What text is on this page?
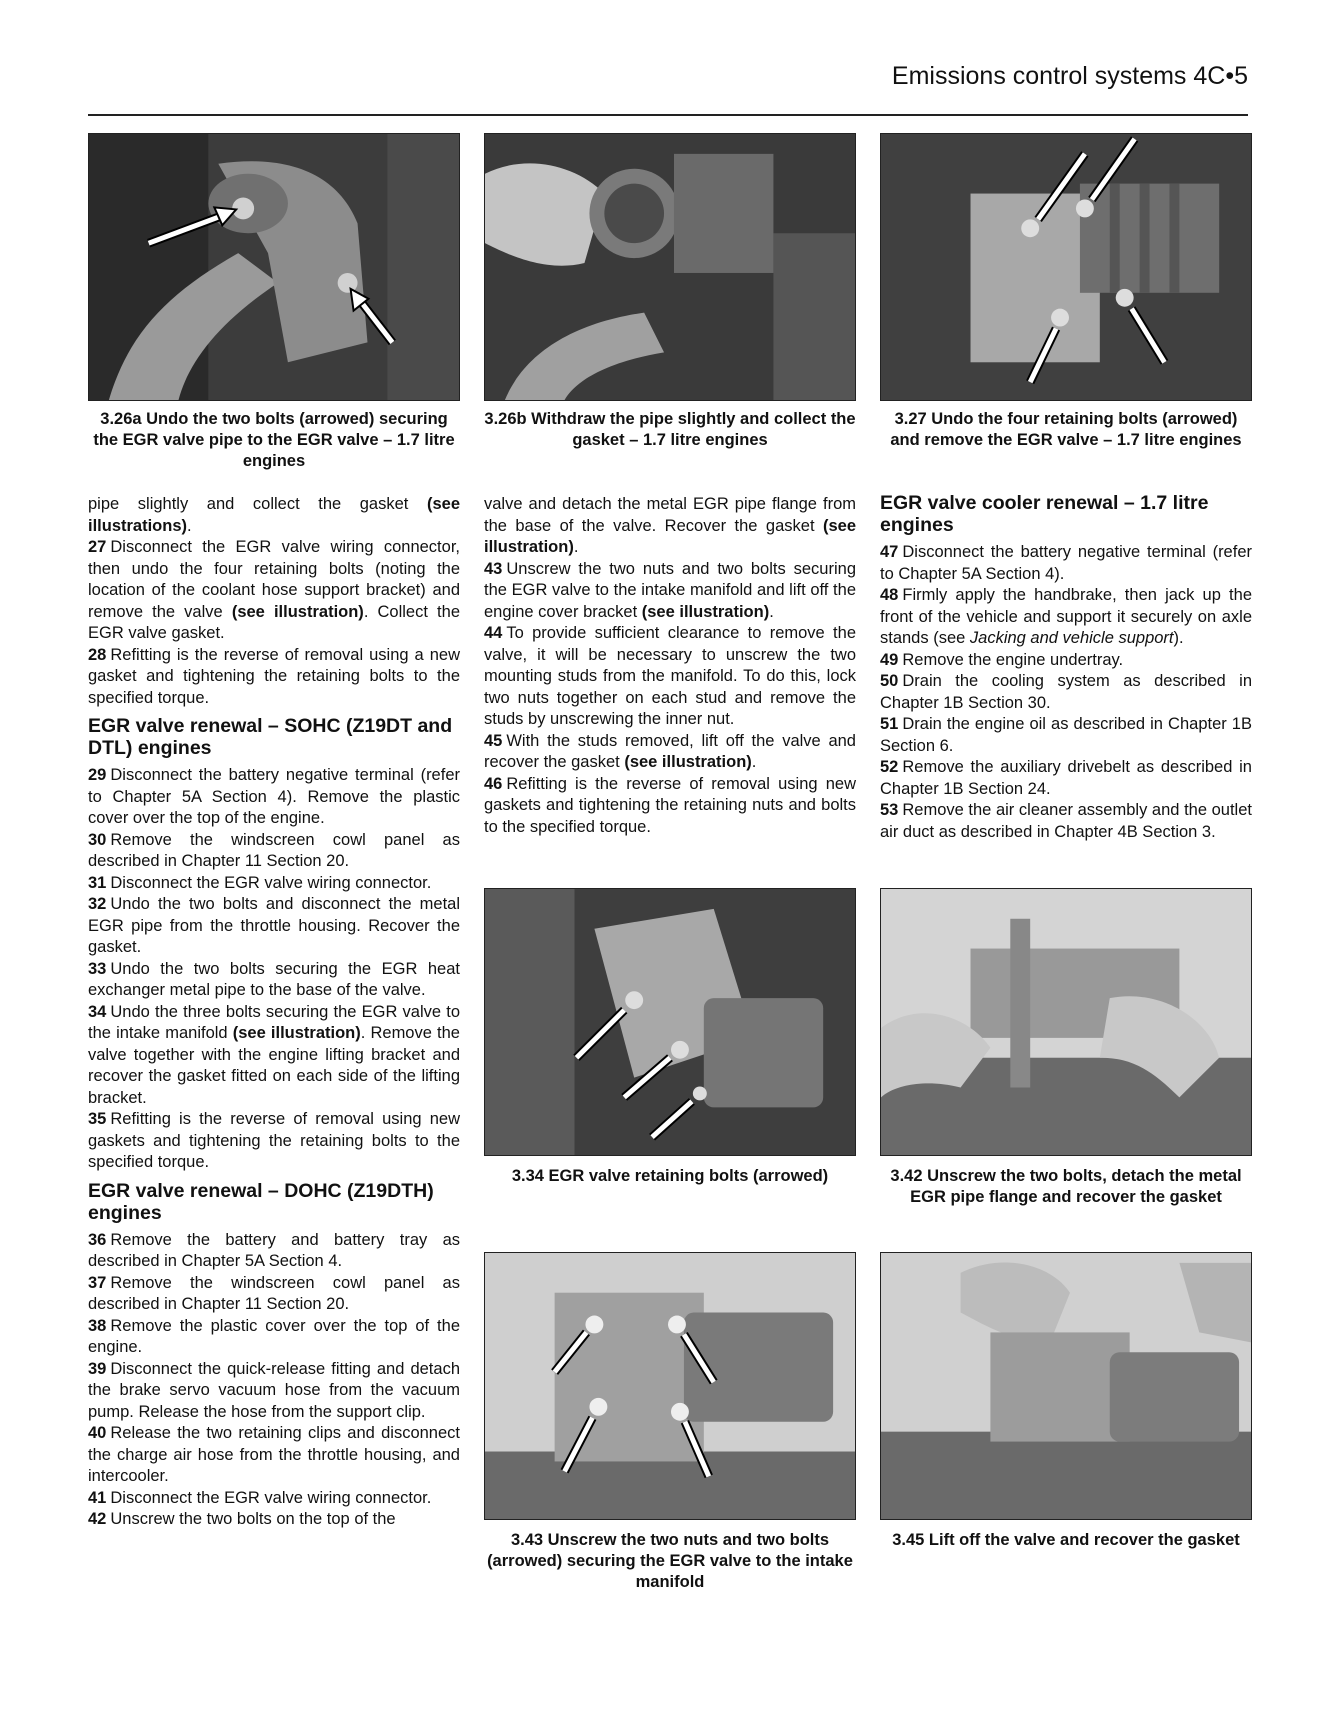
Emissions control systems 4C•5
3.26a Undo the two bolts (arrowed) securing the EGR valve pipe to the EGR valve – 1.7 litre engines
3.26b Withdraw the pipe slightly and collect the gasket – 1.7 litre engines
3.27 Undo the four retaining bolts (arrowed) and remove the EGR valve – 1.7 litre engines

pipe slightly and collect the gasket (see illustrations).

27 Disconnect the EGR valve wiring connector, then undo the four retaining bolts (noting the location of the coolant hose support bracket) and remove the valve (see illustration). Collect the EGR valve gasket.

28 Refitting is the reverse of removal using a new gasket and tightening the retaining bolts to the specified torque.

EGR valve renewal – SOHC (Z19DT and DTL) engines

29 Disconnect the battery negative terminal (refer to Chapter 5A Section 4). Remove the plastic cover over the top of the engine.

30 Remove the windscreen cowl panel as described in Chapter 11 Section 20.

31 Disconnect the EGR valve wiring connector.

32 Undo the two bolts and disconnect the metal EGR pipe from the throttle housing. Recover the gasket.

33 Undo the two bolts securing the EGR heat exchanger metal pipe to the base of the valve.

34 Undo the three bolts securing the EGR valve to the intake manifold (see illustration). Remove the valve together with the engine lifting bracket and recover the gasket fitted on each side of the lifting bracket.

35 Refitting is the reverse of removal using new gaskets and tightening the retaining bolts to the specified torque.

EGR valve renewal – DOHC (Z19DTH) engines

36 Remove the battery and battery tray as described in Chapter 5A Section 4.

37 Remove the windscreen cowl panel as described in Chapter 11 Section 20.

38 Remove the plastic cover over the top of the engine.

39 Disconnect the quick-release fitting and detach the brake servo vacuum hose from the vacuum pump. Release the hose from the support clip.

40 Release the two retaining clips and disconnect the charge air hose from the throttle housing, and intercooler.

41 Disconnect the EGR valve wiring connector.

42 Unscrew the two bolts on the top of the

valve and detach the metal EGR pipe flange from the base of the valve. Recover the gasket (see illustration).

43 Unscrew the two nuts and two bolts securing the EGR valve to the intake manifold and lift off the engine cover bracket (see illustration).

44 To provide sufficient clearance to remove the valve, it will be necessary to unscrew the two mounting studs from the manifold. To do this, lock two nuts together on each stud and remove the studs by unscrewing the inner nut.

45 With the studs removed, lift off the valve and recover the gasket (see illustration).

46 Refitting is the reverse of removal using new gaskets and tightening the retaining nuts and bolts to the specified torque.

EGR valve cooler renewal – 1.7 litre engines

47 Disconnect the battery negative terminal (refer to Chapter 5A Section 4).

48 Firmly apply the handbrake, then jack up the front of the vehicle and support it securely on axle stands (see Jacking and vehicle support).

49 Remove the engine undertray.

50 Drain the cooling system as described in Chapter 1B Section 30.

51 Drain the engine oil as described in Chapter 1B Section 6.

52 Remove the auxiliary drivebelt as described in Chapter 1B Section 24.

53 Remove the air cleaner assembly and the outlet air duct as described in Chapter 4B Section 3.

3.34 EGR valve retaining bolts (arrowed)	3.42 Unscrew the two bolts, detach the metal EGR pipe flange and recover the gasket
3.43 Unscrew the two nuts and two bolts (arrowed) securing the EGR valve to the intake manifold
3.45 Lift off the valve and recover the gasket
